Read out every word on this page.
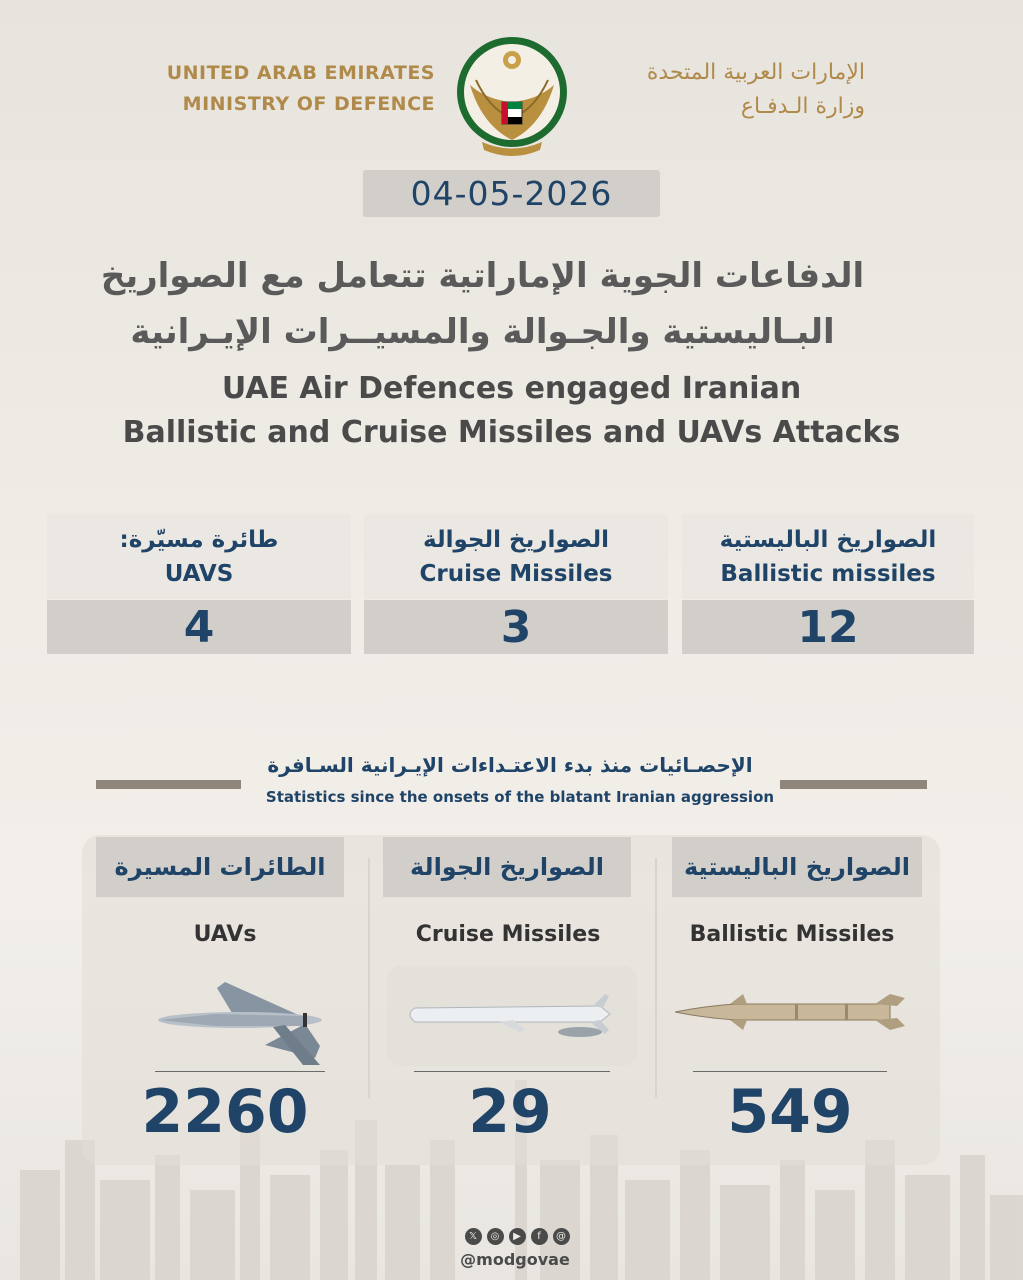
UNITED ARAB EMIRATES
MINISTRY OF DEFENCE
الإمارات العربية المتحدة
وزارة الـدفـاع
04-05-2026
الدفاعات الجوية الإماراتية تتعامل مع الصواريخ
البـاليستية والجـوالة والمسيــرات الإيـرانية
UAE Air Defences engaged Iranian
Ballistic and Cruise Missiles and UAVs Attacks
طائرة مسيّرة:
UAVS
4
الصواريخ الجوالة
Cruise Missiles
3
الصواريخ الباليستية
Ballistic missiles
12
الإحصـائيات منذ بدء الاعتـداءات الإيـرانية السـافرة
Statistics since the onsets of the blatant Iranian aggression
الطائرات المسيرة
UAVs
2260
الصواريخ الجوالة
Cruise Missiles
29
الصواريخ الباليستية
Ballistic Missiles
549
𝕏	◎	▶	f	@
@modgovae
